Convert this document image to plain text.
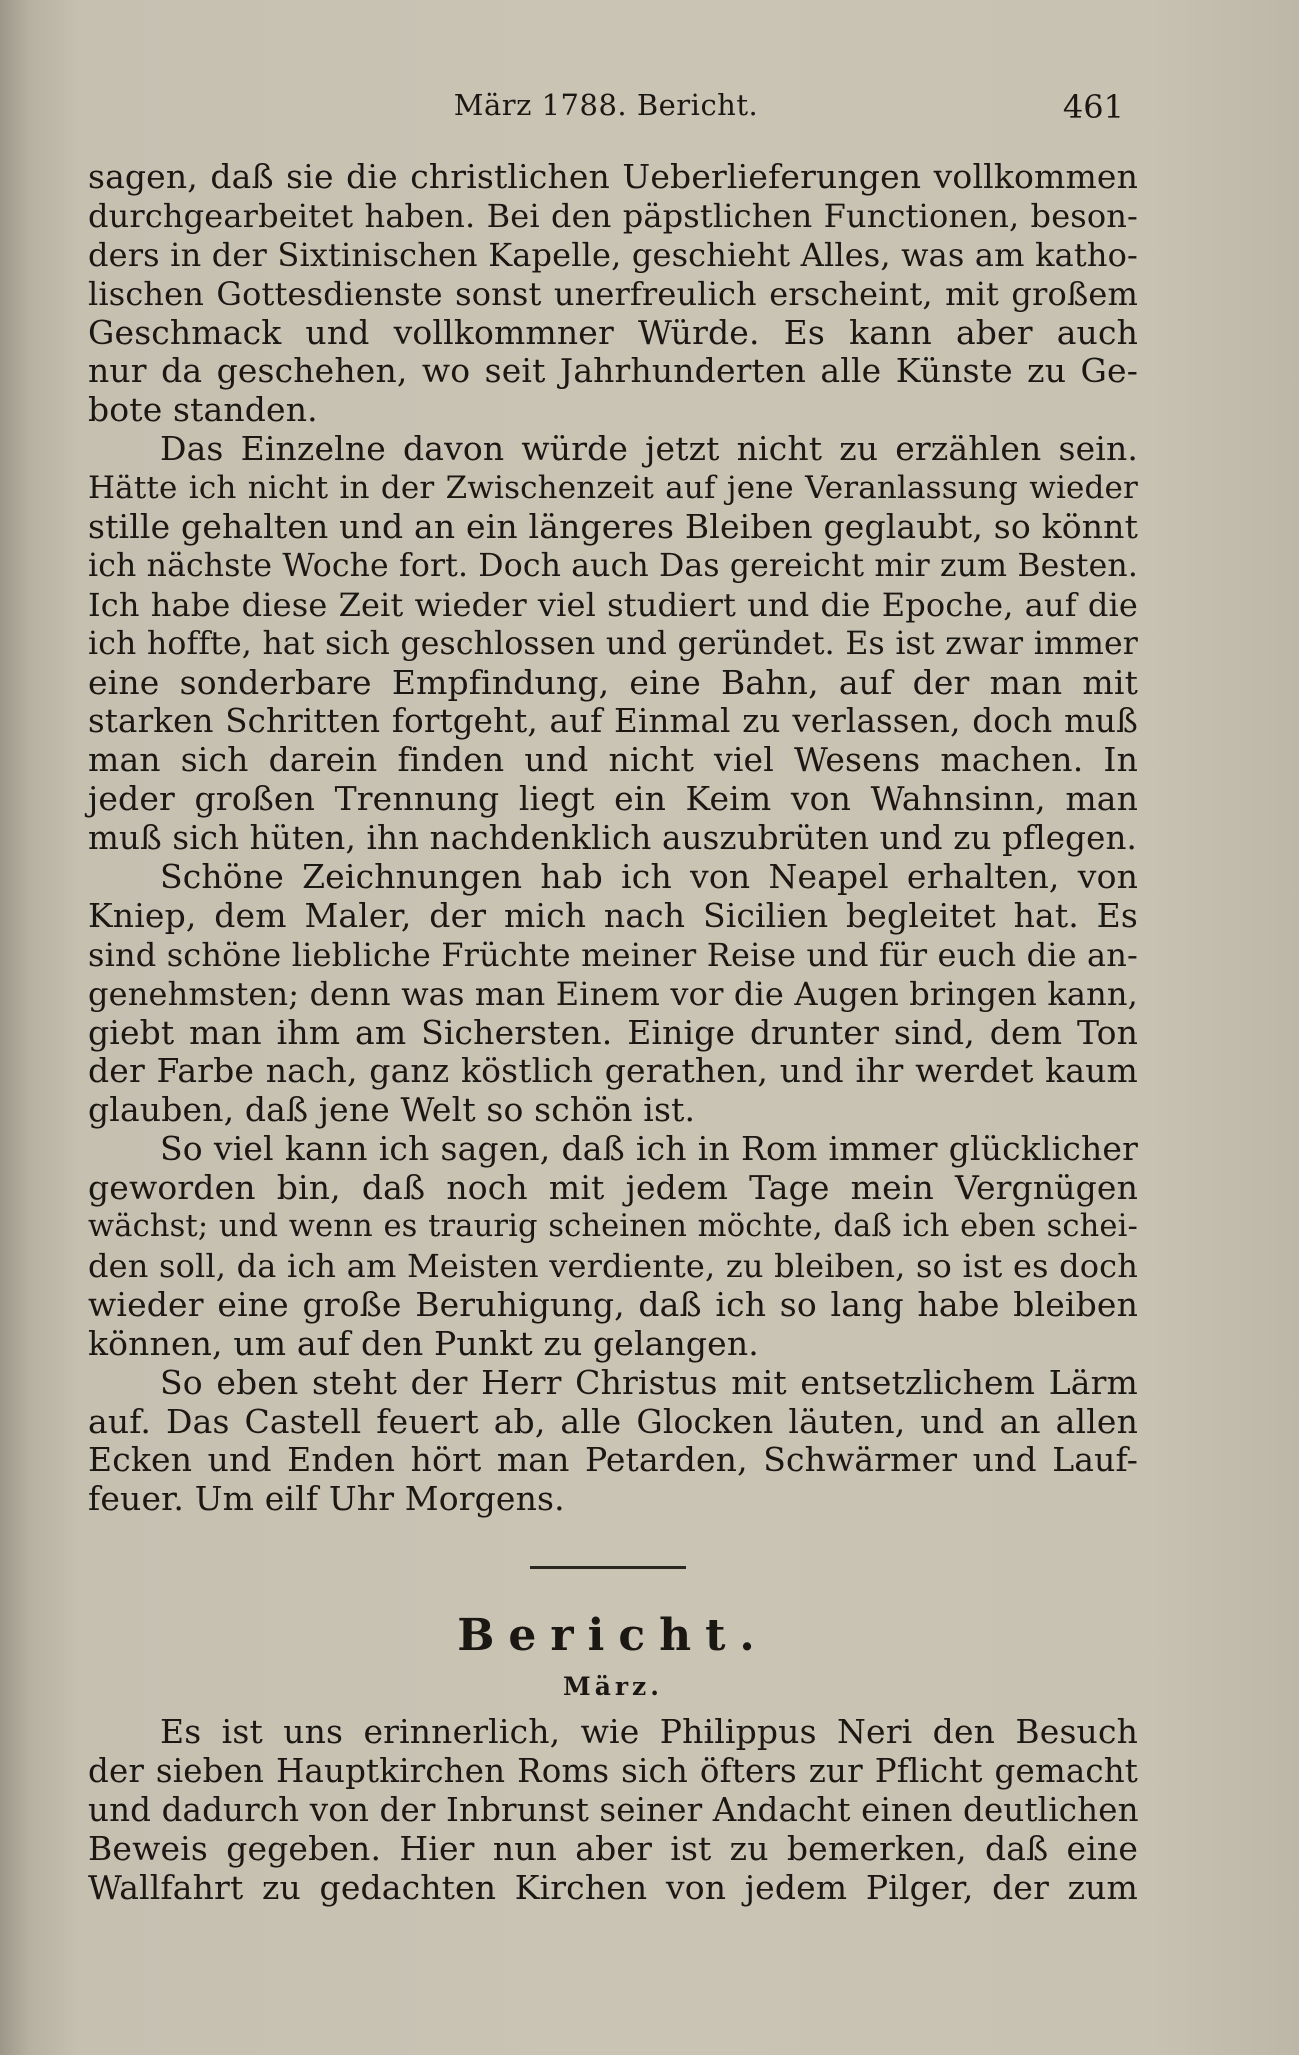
März 1788. Bericht.	461
sagen, daß sie die christlichen Ueberlieferungen vollkommen
durchgearbeitet haben. Bei den päpstlichen Functionen, beson-
ders in der Sixtinischen Kapelle, geschieht Alles, was am katho-
lischen Gottesdienste sonst unerfreulich erscheint, mit großem
Geschmack und vollkommner Würde. Es kann aber auch
nur da geschehen, wo seit Jahrhunderten alle Künste zu Ge-
bote standen.
Das Einzelne davon würde jetzt nicht zu erzählen sein.
Hätte ich nicht in der Zwischenzeit auf jene Veranlassung wieder
stille gehalten und an ein längeres Bleiben geglaubt, so könnt
ich nächste Woche fort. Doch auch Das gereicht mir zum Besten.
Ich habe diese Zeit wieder viel studiert und die Epoche, auf die
ich hoffte, hat sich geschlossen und geründet. Es ist zwar immer
eine sonderbare Empfindung, eine Bahn, auf der man mit
starken Schritten fortgeht, auf Einmal zu verlassen, doch muß
man sich darein finden und nicht viel Wesens machen. In
jeder großen Trennung liegt ein Keim von Wahnsinn, man
muß sich hüten, ihn nachdenklich auszubrüten und zu pflegen.
Schöne Zeichnungen hab ich von Neapel erhalten, von
Kniep, dem Maler, der mich nach Sicilien begleitet hat. Es
sind schöne liebliche Früchte meiner Reise und für euch die an-
genehmsten; denn was man Einem vor die Augen bringen kann,
giebt man ihm am Sichersten. Einige drunter sind, dem Ton
der Farbe nach, ganz köstlich gerathen, und ihr werdet kaum
glauben, daß jene Welt so schön ist.
So viel kann ich sagen, daß ich in Rom immer glücklicher
geworden bin, daß noch mit jedem Tage mein Vergnügen
wächst; und wenn es traurig scheinen möchte, daß ich eben schei-
den soll, da ich am Meisten verdiente, zu bleiben, so ist es doch
wieder eine große Beruhigung, daß ich so lang habe bleiben
können, um auf den Punkt zu gelangen.
So eben steht der Herr Christus mit entsetzlichem Lärm
auf. Das Castell feuert ab, alle Glocken läuten, und an allen
Ecken und Enden hört man Petarden, Schwärmer und Lauf-
feuer. Um eilf Uhr Morgens.
Bericht.
März.
Es ist uns erinnerlich, wie Philippus Neri den Besuch
der sieben Hauptkirchen Roms sich öfters zur Pflicht gemacht
und dadurch von der Inbrunst seiner Andacht einen deutlichen
Beweis gegeben. Hier nun aber ist zu bemerken, daß eine
Wallfahrt zu gedachten Kirchen von jedem Pilger, der zum
